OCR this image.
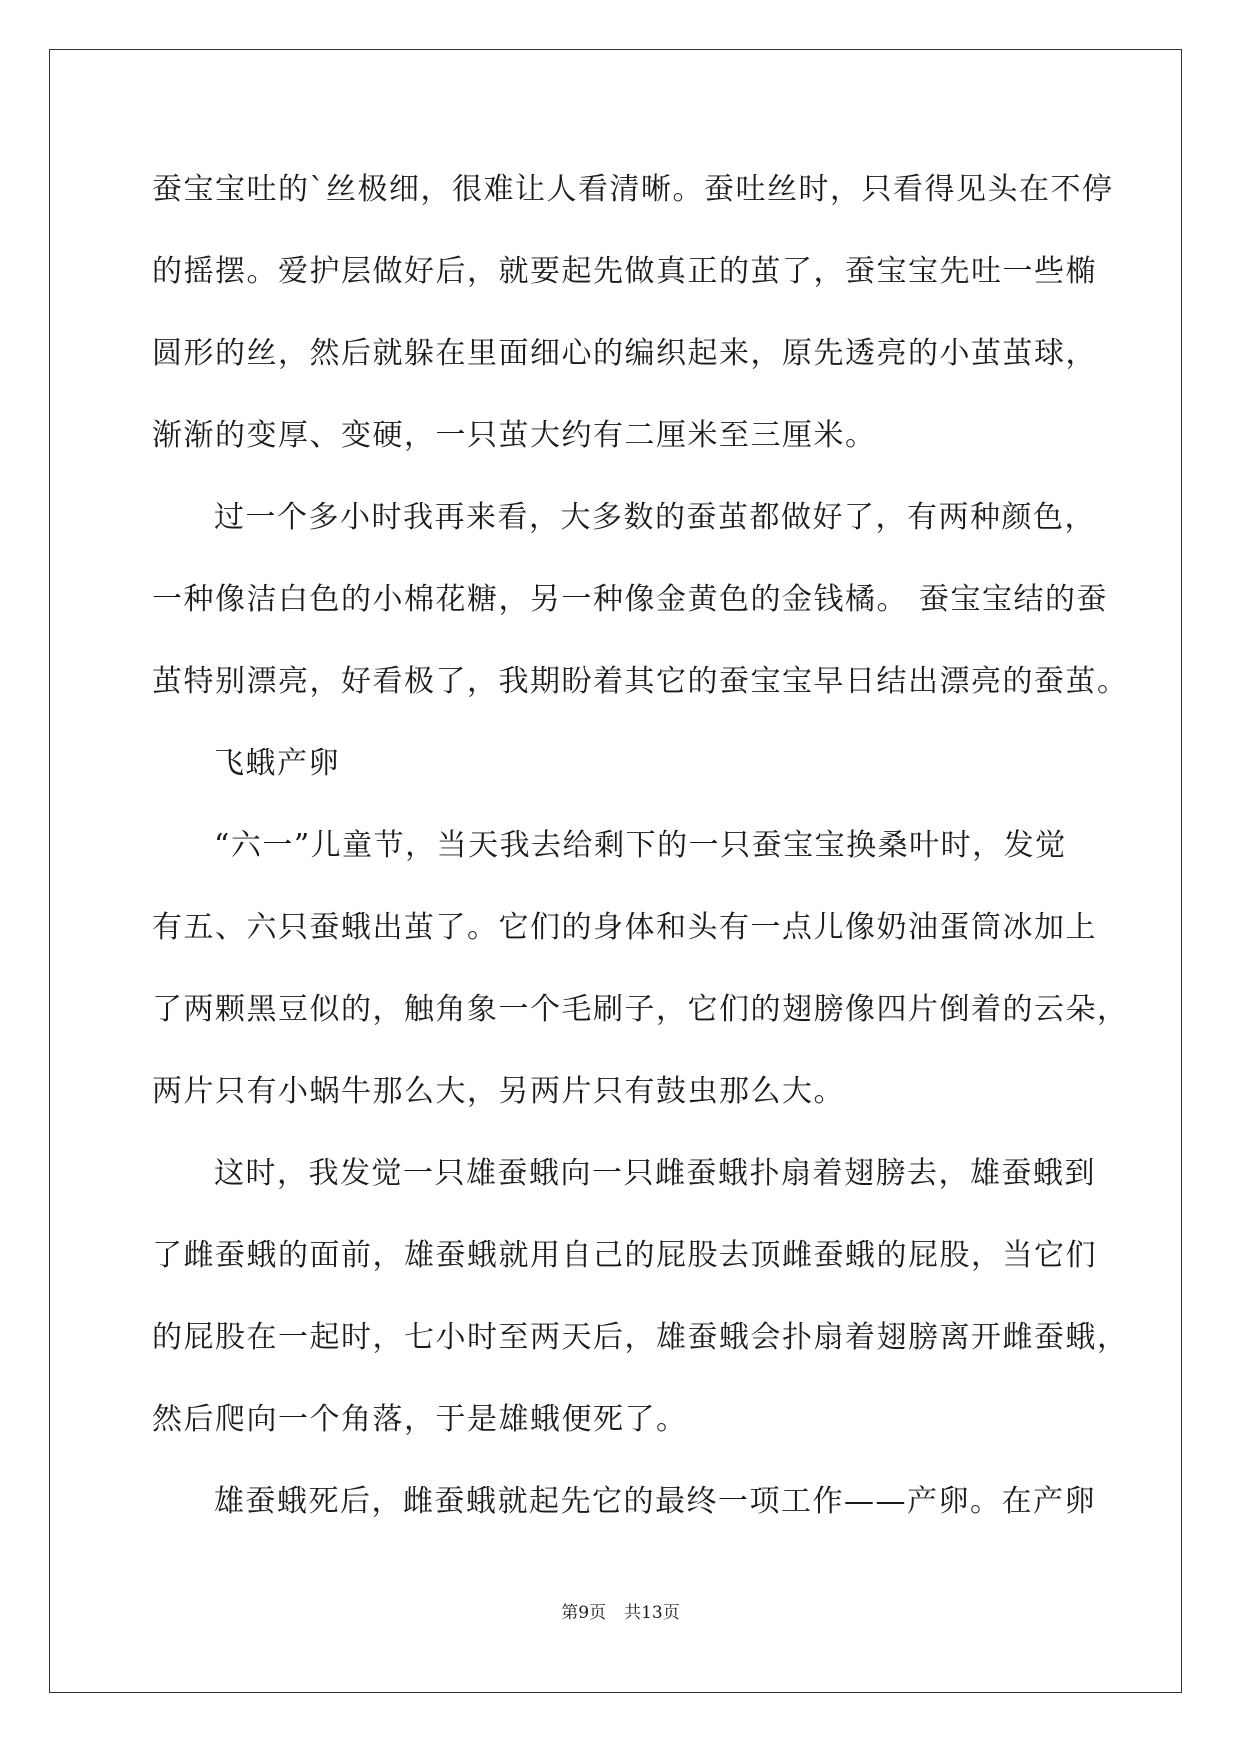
蚕宝宝吐的`丝极细，很难让人看清晰。蚕吐丝时，只看得见头在不停
的摇摆。爱护层做好后，就要起先做真正的茧了，蚕宝宝先吐一些椭
圆形的丝，然后就躲在里面细心的编织起来，原先透亮的小茧茧球，
渐渐的变厚、变硬，一只茧大约有二厘米至三厘米。
过一个多小时我再来看，大多数的蚕茧都做好了，有两种颜色，
一种像洁白色的小棉花糖，另一种像金黄色的金钱橘。 蚕宝宝结的蚕
茧特别漂亮，好看极了，我期盼着其它的蚕宝宝早日结出漂亮的蚕茧。
飞蛾产卵
“六一”儿童节，当天我去给剩下的一只蚕宝宝换桑叶时，发觉
有五、六只蚕蛾出茧了。它们的身体和头有一点儿像奶油蛋筒冰加上
了两颗黑豆似的，触角象一个毛刷子，它们的翅膀像四片倒着的云朵，
两片只有小蜗牛那么大，另两片只有鼓虫那么大。
这时，我发觉一只雄蚕蛾向一只雌蚕蛾扑扇着翅膀去，雄蚕蛾到
了雌蚕蛾的面前，雄蚕蛾就用自己的屁股去顶雌蚕蛾的屁股，当它们
的屁股在一起时，七小时至两天后，雄蚕蛾会扑扇着翅膀离开雌蚕蛾，
然后爬向一个角落，于是雄蛾便死了。
雄蚕蛾死后，雌蚕蛾就起先它的最终一项工作——产卵。在产卵
第9页 共13页
